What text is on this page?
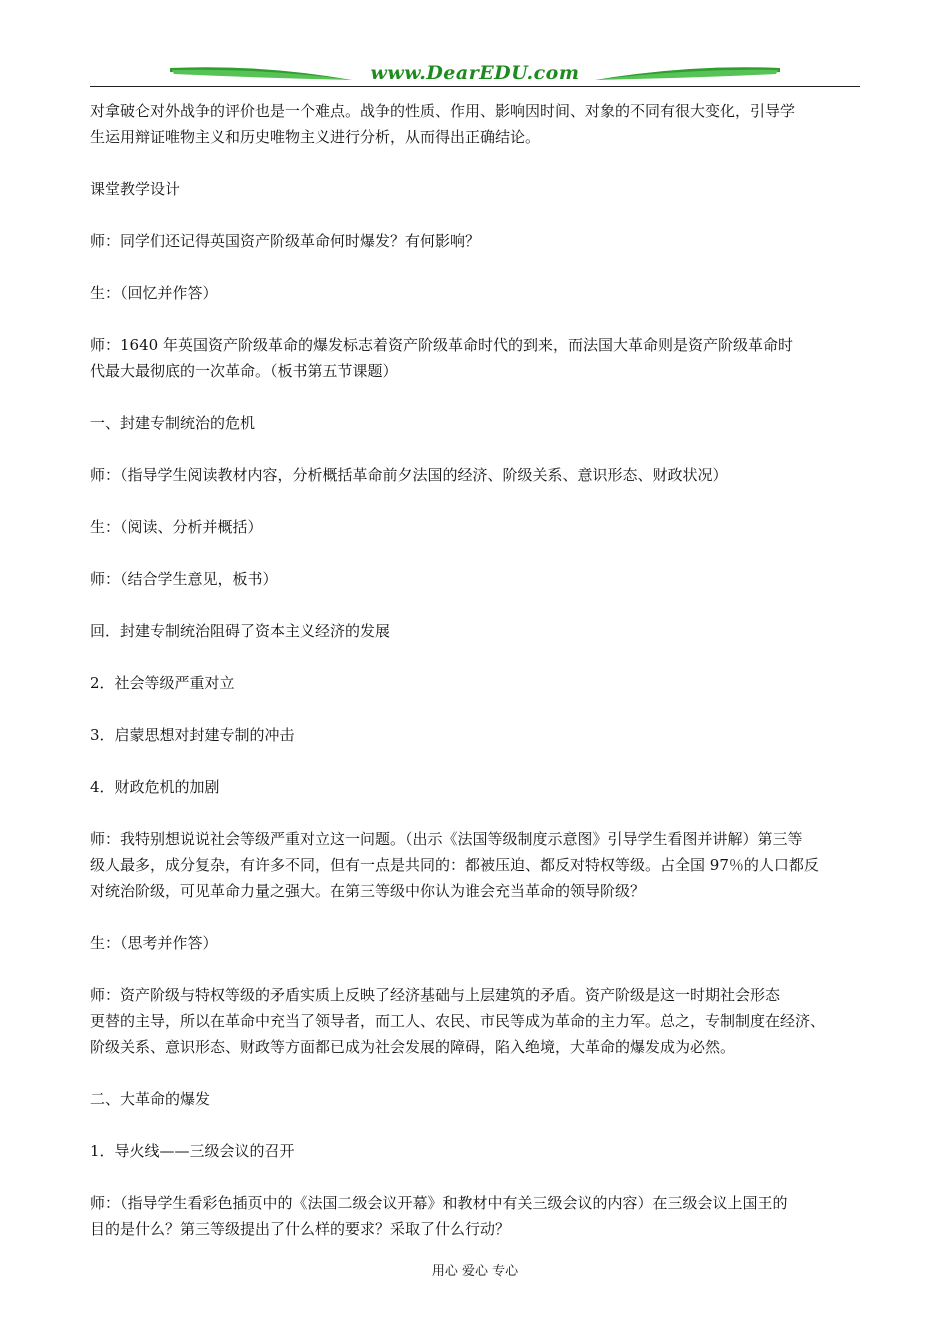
www.DearEDU.com
对拿破仑对外战争的评价也是一个难点。战争的性质、作用、影响因时间、对象的不同有很大变化，引导学
生运用辩证唯物主义和历史唯物主义进行分析，从而得出正确结论。
课堂教学设计
师：同学们还记得英国资产阶级革命何时爆发？有何影响？
生：（回忆并作答）
师：1640 年英国资产阶级革命的爆发标志着资产阶级革命时代的到来，而法国大革命则是资产阶级革命时
代最大最彻底的一次革命。（板书第五节课题）
一、封建专制统治的危机
师：（指导学生阅读教材内容，分析概括革命前夕法国的经济、阶级关系、意识形态、财政状况）
生：（阅读、分析并概括）
师：（结合学生意见，板书）
回．封建专制统治阻碍了资本主义经济的发展
2．社会等级严重对立
3．启蒙思想对封建专制的冲击
4．财政危机的加剧
师：我特别想说说社会等级严重对立这一问题。（出示《法国等级制度示意图》引导学生看图并讲解）第三等
级人最多，成分复杂，有许多不同，但有一点是共同的：都被压迫、都反对特权等级。占全国 97％的人口都反
对统治阶级，可见革命力量之强大。在第三等级中你认为谁会充当革命的领导阶级？
生：（思考并作答）
师：资产阶级与特权等级的矛盾实质上反映了经济基础与上层建筑的矛盾。资产阶级是这一时期社会形态
更替的主导，所以在革命中充当了领导者，而工人、农民、市民等成为革命的主力军。总之，专制制度在经济、
阶级关系、意识形态、财政等方面都已成为社会发展的障碍，陷入绝境，大革命的爆发成为必然。
二、大革命的爆发
1．导火线——三级会议的召开
师：（指导学生看彩色插页中的《法国二级会议开幕》和教材中有关三级会议的内容）在三级会议上国王的
目的是什么？第三等级提出了什么样的要求？采取了什么行动？
用心 爱心 专心
